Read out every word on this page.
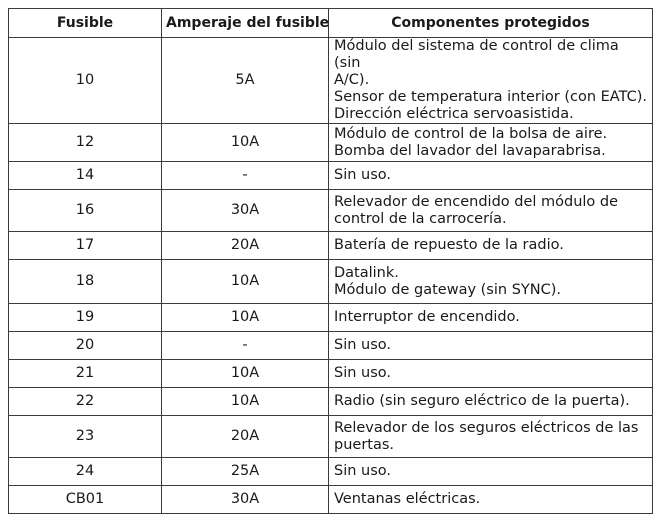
Fusible	Amperaje del fusible	Componentes protegidos
10	5A	Módulo del sistema de control de clima (sin
A/C).
Sensor de temperatura interior (con EATC).
Dirección eléctrica servoasistida.

12	10A	Módulo de control de la bolsa de aire.
Bomba del lavador del lavaparabrisa.

14	-	Sin uso.

16	30A	Relevador de encendido del módulo de
control de la carrocería.

17	20A	Batería de repuesto de la radio.

18	10A	Datalink.
Módulo de gateway (sin SYNC).

19	10A	Interruptor de encendido.

20	-	Sin uso.

21	10A	Sin uso.

22	10A	Radio (sin seguro eléctrico de la puerta).

23	20A	Relevador de los seguros eléctricos de las
puertas.

24	25A	Sin uso.

CB01	30A	Ventanas eléctricas.
